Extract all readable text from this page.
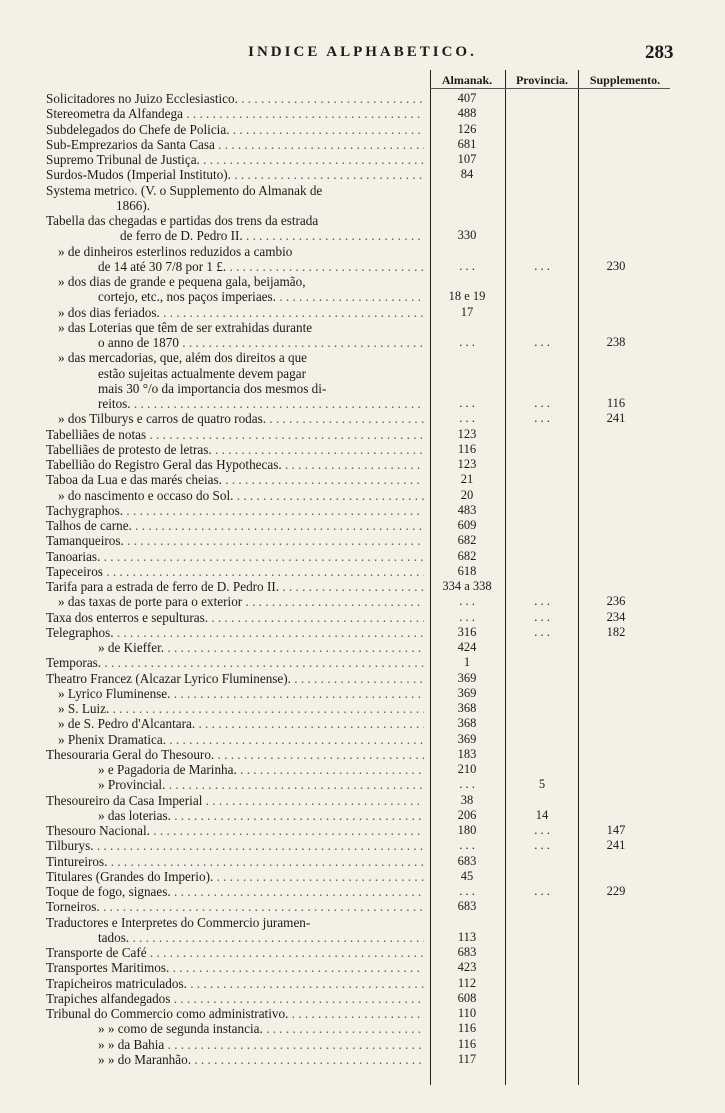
INDICE ALPHABETICO.	283
Almanak.	Provincia.	Supplemento.
Solicitadores no Juizo Ecclesiastico. . . .	407
Stereometra da Alfandega . . .	488
Subdelegados do Chefe de Policia. . . .	126
Sub-Emprezarios da Santa Casa . . .	681
Supremo Tribunal de Justiça. . . .	107
Surdos-Mudos (Imperial Instituto). . . .	84
Systema metrico. (V. o Supplemento do Almanak de
1866).
Tabella das chegadas e partidas dos trens da estrada
de ferro de D. Pedro II. . . .	330
» de dinheiros esterlinos reduzidos a cambio
de 14 até 30 7/8 por 1 £. . . .	. . .	. . .	230
» dos dias de grande e pequena gala, beijamão,
cortejo, etc., nos paços imperiaes. . . .	18 e 19
» dos dias feriados. . . .	17
» das Loterias que têm de ser extrahidas durante
o anno de 1870 . . .	. . .	. . .	238
» das mercadorias, que, além dos direitos a que
estão sujeitas actualmente devem pagar
mais 30 °/o da importancia dos mesmos di-
reitos. . . .	. . .	. . .	116
» dos Tilburys e carros de quatro rodas. . . .	. . .	. . .	241
Tabelliães de notas . . .	123
Tabelliães de protesto de letras. . . .	116
Tabellião do Registro Geral das Hypothecas. . . .	123
Taboa da Lua e das marés cheias. . . .	21
» do nascimento e occaso do Sol. . . .	20
Tachygraphos. . . .	483
Talhos de carne. . . .	609
Tamanqueiros. . . .	682
Tanoarias. . . .	682
Tapeceiros . . .	618
Tarifa para a estrada de ferro de D. Pedro II. . . .	334 a 338
» das taxas de porte para o exterior . . .	. . .	. . .	236
Taxa dos enterros e sepulturas. . . .	. . .	. . .	234
Telegraphos. . . .	316	. . .	182
» de Kieffer. . . .	424
Temporas. . . .	1
Theatro Francez (Alcazar Lyrico Fluminense). . . .	369
» Lyrico Fluminense. . . .	369
» S. Luiz. . . .	368
» de S. Pedro d'Alcantara. . . .	368
» Phenix Dramatica. . . .	369
Thesouraria Geral do Thesouro. . . .	183
» e Pagadoria de Marinha. . . .	210
» Provincial. . . .	. . .	5
Thesoureiro da Casa Imperial . . .	38
» das loterias. . . .	206	14
Thesouro Nacional. . . .	180	. . .	147
Tilburys. . . .	. . .	. . .	241
Tintureiros. . . .	683
Titulares (Grandes do Imperio). . . .	45
Toque de fogo, signaes. . . .	. . .	. . .	229
Torneiros. . . .	683
Traductores e Interpretes do Commercio juramen-
tados. . . .	113
Transporte de Café . . .	683
Transportes Maritimos. . . .	423
Trapicheiros matriculados. . . .	112
Trapiches alfandegados . . .	608
Tribunal do Commercio como administrativo. . . .	110
» » como de segunda instancia. . . .	116
» » da Bahia . . .	116
» » do Maranhão. . . .	117
